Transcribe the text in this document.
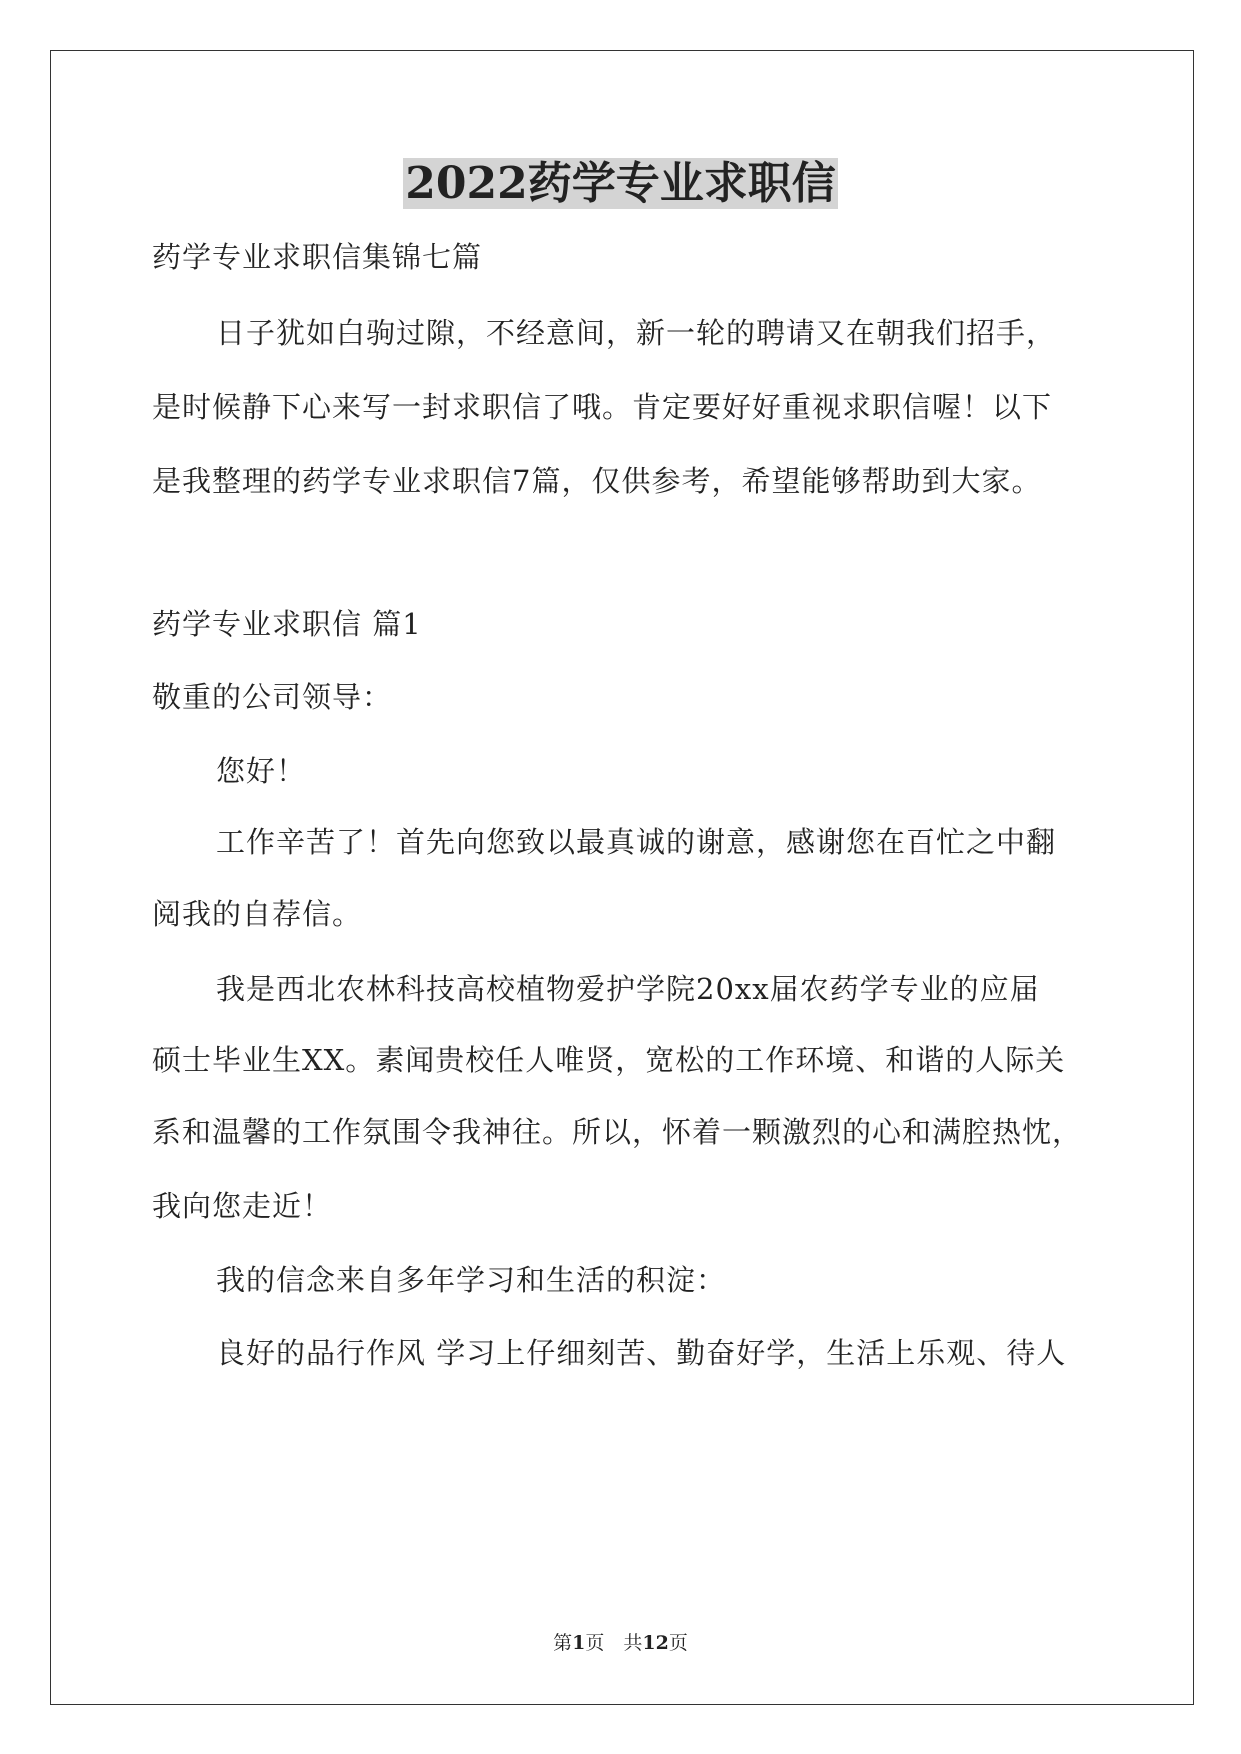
2022药学专业求职信
药学专业求职信集锦七篇
日子犹如白驹过隙，不经意间，新一轮的聘请又在朝我们招手，
是时候静下心来写一封求职信了哦。肯定要好好重视求职信喔！以下
是我整理的药学专业求职信7篇，仅供参考，希望能够帮助到大家。
药学专业求职信 篇1
敬重的公司领导：
您好！
工作辛苦了！首先向您致以最真诚的谢意，感谢您在百忙之中翻
阅我的自荐信。
我是西北农林科技高校植物爱护学院20xx届农药学专业的应届
硕士毕业生XX。素闻贵校任人唯贤，宽松的工作环境、和谐的人际关
系和温馨的工作氛围令我神往。所以，怀着一颗激烈的心和满腔热忱，
我向您走近！
我的信念来自多年学习和生活的积淀：
良好的品行作风 学习上仔细刻苦、勤奋好学，生活上乐观、待人
第1页　共12页
